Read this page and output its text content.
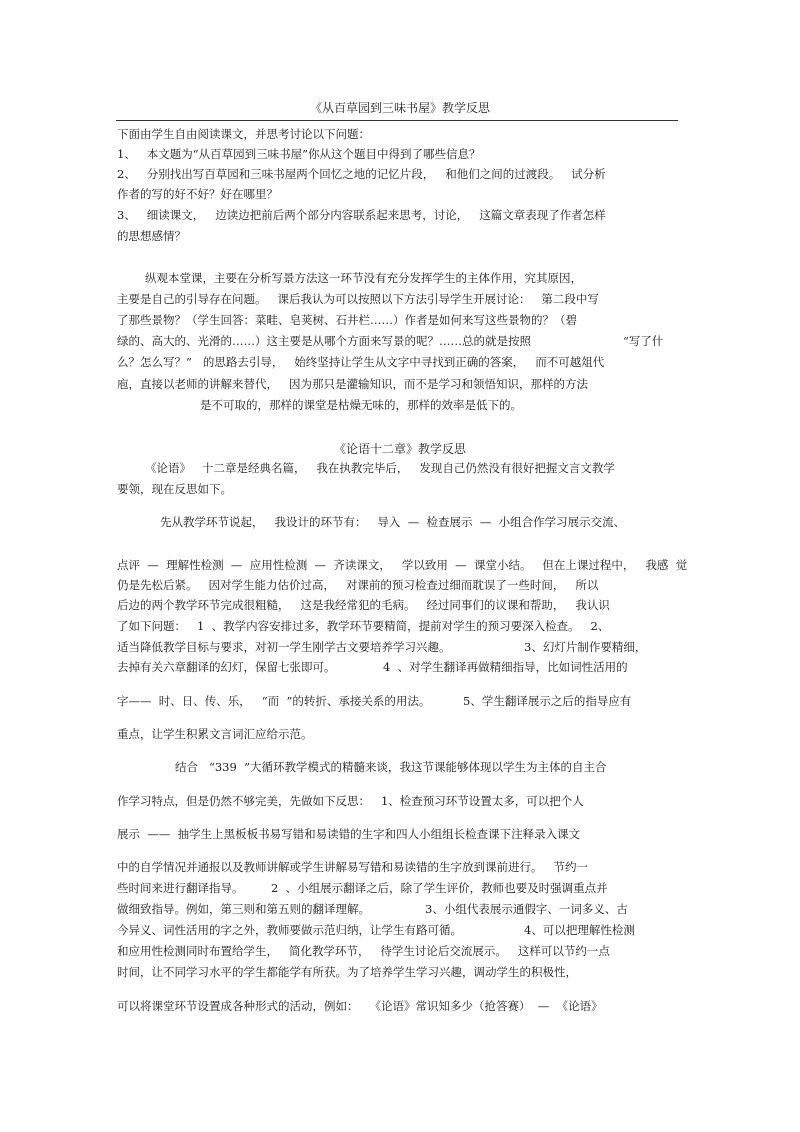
《从百草园到三味书屋》教学反思
下面由学生自由阅读课文，并思考讨论以下问题：
1、   本文题为“从百草园到三味书屋”你从这个题目中得到了哪些信息？
2、   分别找出写百草园和三味书屋两个回忆之地的记忆片段，   和他们之间的过渡段。   试分析
作者的写的好不好？好在哪里？
3、   细读课文，   边读边把前后两个部分内容联系起来思考，讨论，   这篇文章表现了作者怎样
的思想感情？
纵观本堂课，主要在分析写景方法这一环节没有充分发挥学生的主体作用，究其原因，
主要是自己的引导存在问题。   课后我认为可以按照以下方法引导学生开展讨论：   第二段中写
了那些景物？（学生回答：菜畦、皂荚树、石井栏……）作者是如何来写这些景物的？（碧
绿的、高大的、光滑的……）这主要是从哪个方面来写景的呢？……总的就是按照	“写了什
么？怎么写？”   的思路去引导，   始终坚持让学生从文字中寻找到正确的答案，   而不可越俎代
庖，直接以老师的讲解来替代，   因为那只是灌输知识，而不是学习和领悟知识，那样的方法
是不可取的，那样的课堂是枯燥无味的，那样的效率是低下的。
《论语十二章》教学反思
《论语》   十二章是经典名篇，   我在执教完毕后，   发现自己仍然没有很好把握文言文教学
要领，现在反思如下。
先从教学环节说起，   我设计的环节有：   导入  —  检查展示  —  小组合作学习展示交流、
点评  —  理解性检测  —  应用性检测  —  齐读课文，   学以致用  —  课堂小结。   但在上课过程中，   我感  觉
仍是先松后紧。   因对学生能力估价过高，   对课前的预习检查过细而耽误了一些时间，   所以
后边的两个教学环节完成很粗糙，   这是我经常犯的毛病。   经过同事们的议课和帮助，   我认识
了如下问题：   1  、教学内容安排过多，教学环节要精简，提前对学生的预习要深入检查。   2、
适当降低教学目标与要求，对初一学生刚学古文要培养学习兴趣。	3、幻灯片制作要精细，
去掉有关六章翻译的幻灯，保留七张即可。	4  、对学生翻译再做精细指导，比如词性活用的
字——  时、日、传、乐，   “而  ”的转折、承接关系的用法。	5、学生翻译展示之后的指导应有
重点，让学生积累文言词汇应给示范。
结合   “339  ”大循环教学模式的精髓来谈，我这节课能够体现以学生为主体的自主合
作学习特点，但是仍然不够完美，先做如下反思：   1、检查预习环节设置太多，可以把个人
展示  ——  抽学生上黑板板书易写错和易读错的生字和四人小组组长检查课下注释录入课文
中的自学情况并通报以及教师讲解或学生讲解易写错和易读错的生字放到课前进行。   节约一
些时间来进行翻译指导。 2  、小组展示翻译之后，除了学生评价，教师也要及时强调重点并
做细致指导。例如，第三则和第五则的翻译理解。	3、小组代表展示通假字、一词多义、古
今异义、词性活用的字之外，教师要做示范归纳，让学生有路可循。	4、可以把理解性检测
和应用性检测同时布置给学生，   简化教学环节，   待学生讨论后交流展示。   这样可以节约一点
时间，让不同学习水平的学生都能学有所获。为了培养学生学习兴趣，调动学生的积极性，
可以将课堂环节设置成各种形式的活动，例如：   《论语》常识知多少（抢答赛）  —  《论语》
